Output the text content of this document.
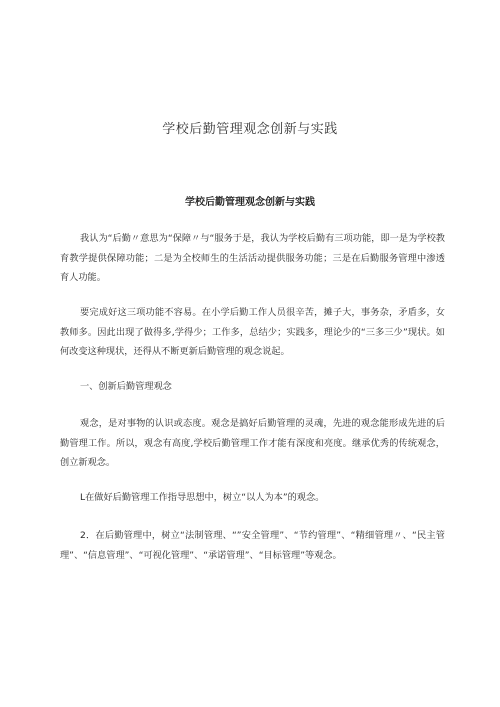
学校后勤管理观念创新与实践
学校后勤管理观念创新与实践

我认为“后勤〃意思为“保障〃与“服务于是，我认为学校后勤有三项功能，即一是为学校教育教学提供保障功能；二是为全校师生的生活活动提供服务功能；三是在后勤服务管理中渗透育人功能。

要完成好这三项功能不容易。在小学后勤工作人员很辛苦，摊子大，事务杂，矛盾多，女教师多。因此出现了做得多,学得少；工作多，总结少；实践多，理论少的“三多三少”现状。如何改变这种现状，还得从不断更新后勤管理的观念说起。

一、创新后勤管理观念

观念，是对事物的认识或态度。观念是搞好后勤管理的灵魂，先进的观念能形成先进的后勤管理工作。所以，观念有高度,学校后勤管理工作才能有深度和亮度。继承优秀的传统观念，创立新观念。

L在做好后勤管理工作指导思想中，树立“以人为本”的观念。

2．在后勤管理中，树立“法制管理、“”安全管理”、“节约管理”、“精细管理〃、“民主管理”、“信息管理”、“可视化管理”、“承诺管理”、“目标管理”等观念。
